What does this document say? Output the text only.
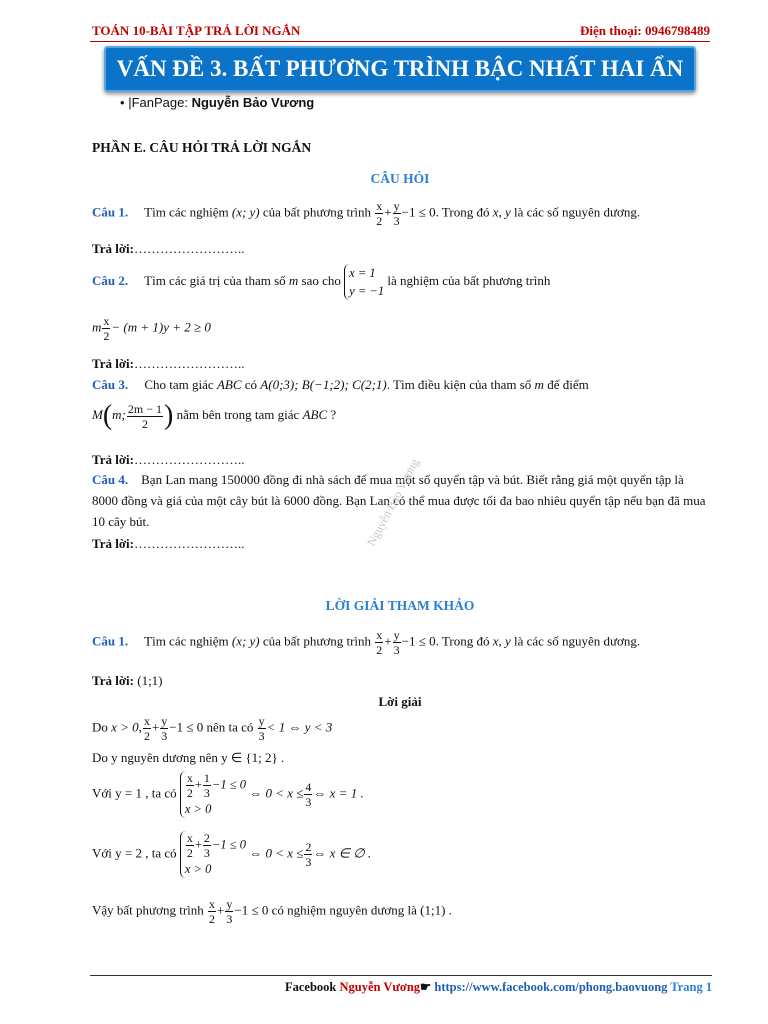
TOÁN 10-BÀI TẬP TRẢ LỜI NGẮN	Điện thoại: 0946798489
VẤN ĐỀ 3. BẤT PHƯƠNG TRÌNH BẬC NHẤT HAI ẨN
• |FanPage: Nguyễn Bảo Vương
PHẦN E. CÂU HỎI TRẢ LỜI NGẮN
CÂU HỎI
Câu 1. Tìm các nghiệm (x; y) của bất phương trình $\frac{x}{2} + \frac{y}{3} -1 \le 0$. Trong đó x, y là các số nguyên dương.
Trả lời:……………………..
Câu 2. Tìm các giá trị của tham số m sao cho x = 1
y = −1 là nghiệm của bất phương trình
m $\frac{x}{2} - (m + 1)y + 2 \ge 0$
Trả lời:……………………..
Câu 3. Cho tam giác ABC có A(0;3); B(−1;2); C(2;1). Tìm điều kiện của tham số m để điểm
M(m; $\frac{2m - 1}{2}$ ) nằm bên trong tam giác ABC ?
Trả lời:……………………..
Câu 4. Bạn Lan mang 150000 đồng đi nhà sách để mua một số quyển tập và bút. Biết rằng giá một quyển tập là 8000 đồng và giá của một cây bút là 6000 đồng. Bạn Lan có thể mua được tối đa bao nhiêu quyển tập nếu bạn đã mua 10 cây bút.
Trả lời:……………………..	Nguyễn Bảo Vương
LỜI GIẢI THAM KHẢO
Câu 1. Tìm các nghiệm (x; y) của bất phương trình $\frac{x}{2} + \frac{y}{3} -1 \le 0$. Trong đó x, y là các số nguyên dương.
Trả lời: (1;1)
Lời giải
Do x > 0, $\frac{x}{2} + \frac{y}{3} -1 \le 0$ nên ta có $\frac{y}{3} < 1$ ⇔ y < 3
Do y nguyên dương nên y ∈ {1; 2} .
Với y = 1 , ta có $\frac{x}{2} + \frac{1}{3} -1 \le 0$
x > 0 ⇔ $0 < x \le \frac{4}{3}$ ⇔ x = 1 .
Với y = 2 , ta có $\frac{x}{2} + \frac{2}{3} -1 \le 0$
x > 0 ⇔ $0 < x \le \frac{2}{3}$ ⇔ x ∈ ∅ .
Vậy bất phương trình $\frac{x}{2} + \frac{y}{3} -1 \le 0$ có nghiệm nguyên dương là (1;1) .
Facebook Nguyễn Vương☛ https://www.facebook.com/phong.baovuong Trang 1
